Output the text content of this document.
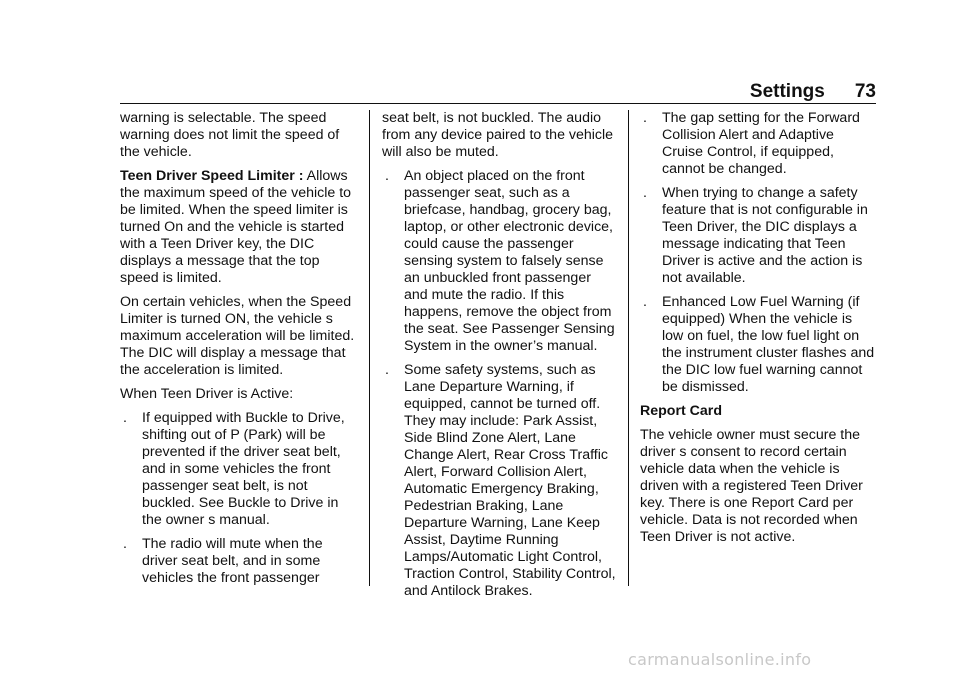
Settings 73

warning is selectable. The speed warning does not limit the speed of the vehicle.

Teen Driver Speed Limiter : Allows the maximum speed of the vehicle to be limited. When the speed limiter is turned On and the vehicle is started with a Teen Driver key, the DIC displays a message that the top speed is limited.

On certain vehicles, when the Speed Limiter is turned ON, the vehicle s maximum acceleration will be limited. The DIC will display a message that the acceleration is limited.

When Teen Driver is Active:

. If equipped with Buckle to Drive, shifting out of P (Park) will be prevented if the driver seat belt, and in some vehicles the front passenger seat belt, is not buckled. See Buckle to Drive in the owner s manual.

. The radio will mute when the driver seat belt, and in some vehicles the front passenger

seat belt, is not buckled. The audio from any device paired to the vehicle will also be muted.

. An object placed on the front passenger seat, such as a briefcase, handbag, grocery bag, laptop, or other electronic device, could cause the passenger sensing system to falsely sense an unbuckled front passenger and mute the radio. If this happens, remove the object from the seat. See Passenger Sensing System in the owner’s manual.

. Some safety systems, such as Lane Departure Warning, if equipped, cannot be turned off. They may include: Park Assist, Side Blind Zone Alert, Lane Change Alert, Rear Cross Traffic Alert, Forward Collision Alert, Automatic Emergency Braking, Pedestrian Braking, Lane Departure Warning, Lane Keep Assist, Daytime Running Lamps/Automatic Light Control, Traction Control, Stability Control, and Antilock Brakes.

. The gap setting for the Forward Collision Alert and Adaptive Cruise Control, if equipped, cannot be changed.

. When trying to change a safety feature that is not configurable in Teen Driver, the DIC displays a message indicating that Teen Driver is active and the action is not available.

. Enhanced Low Fuel Warning (if equipped) When the vehicle is low on fuel, the low fuel light on the instrument cluster flashes and the DIC low fuel warning cannot be dismissed.

Report Card

The vehicle owner must secure the driver s consent to record certain vehicle data when the vehicle is driven with a registered Teen Driver key. There is one Report Card per vehicle. Data is not recorded when Teen Driver is not active.

carmanualsonline.info
